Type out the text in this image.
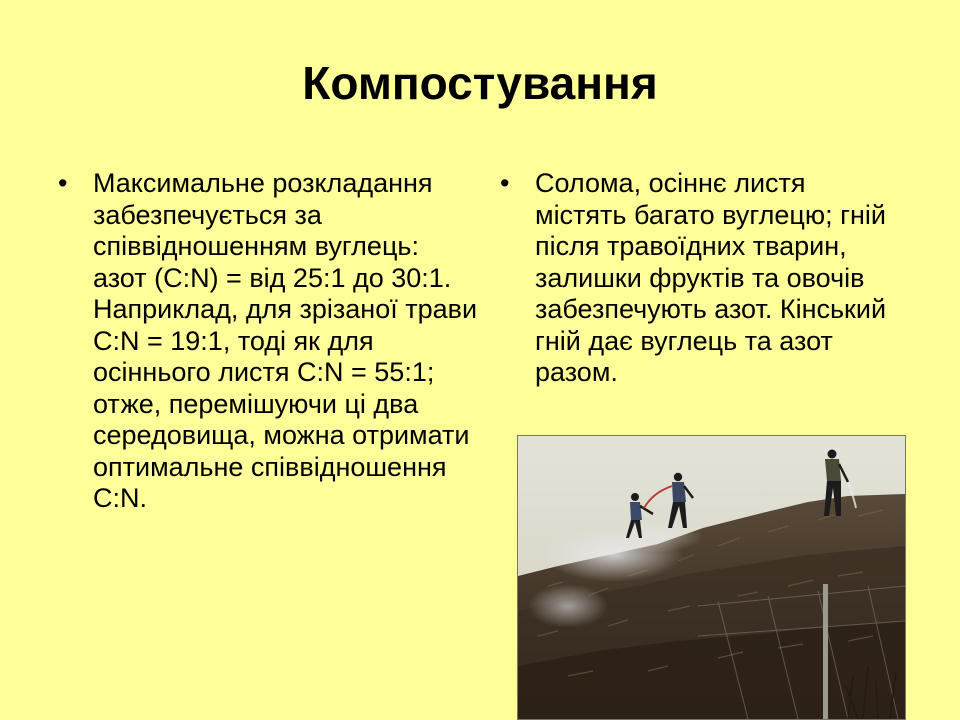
Компостування
• Максимальне розкладання забезпечується за співвідношенням вуглець: азот (C:N) = від 25:1 до 30:1. Наприклад, для зрізаної трави C:N = 19:1, тоді як для осіннього листя C:N = 55:1; отже, перемішуючи ці два середовища, можна отримати оптимальне співвідношення C:N.
• Солома, осіннє листя містять багато вуглецю; гній після травоїдних тварин, залишки фруктів та овочів забезпечують азот. Кінський гній дає вуглець та азот разом.
